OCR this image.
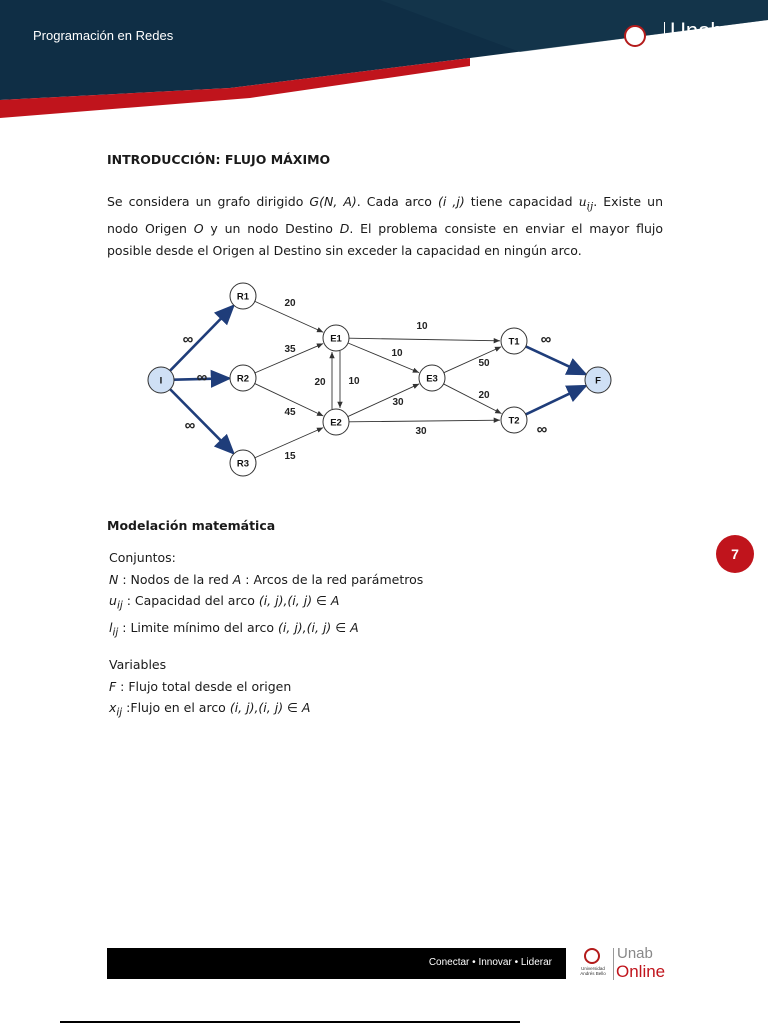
Programación en Redes
Universidad
Andrés Bello
Unab
Online
INTRODUCCIÓN: FLUJO MÁXIMO

Se considera un grafo dirigido G(N, A). Cada arco (i ,j) tiene capacidad $u_{ij}$. Existe un nodo Origen O y un nodo Destino D. El problema consiste en enviar el mayor flujo posible desde el Origen al Destino sin exceder la capacidad en ningún arco.

∞
∞
∞
20
35
45
15
10
20
10
10
30
30
50
20
∞
∞
I
R1
R2
R3
E1
E2
E3
T1
T2
F
Modelación matemática
Conjuntos:
N : Nodos de la red A : Arcos de la red parámetros
$u_{ij}$ : Capacidad del arco (i, j),(i, j) ∈ A
$l_{ij}$ : Limite mínimo del arco (i, j),(i, j) ∈ A
Variables
F : Flujo total desde el origen
$x_{ij}$ :Flujo en el arco (i, j),(i, j) ∈ A
7
Conectar • Innovar • Liderar
Universidad
Andrés Bello
Unab
Online
